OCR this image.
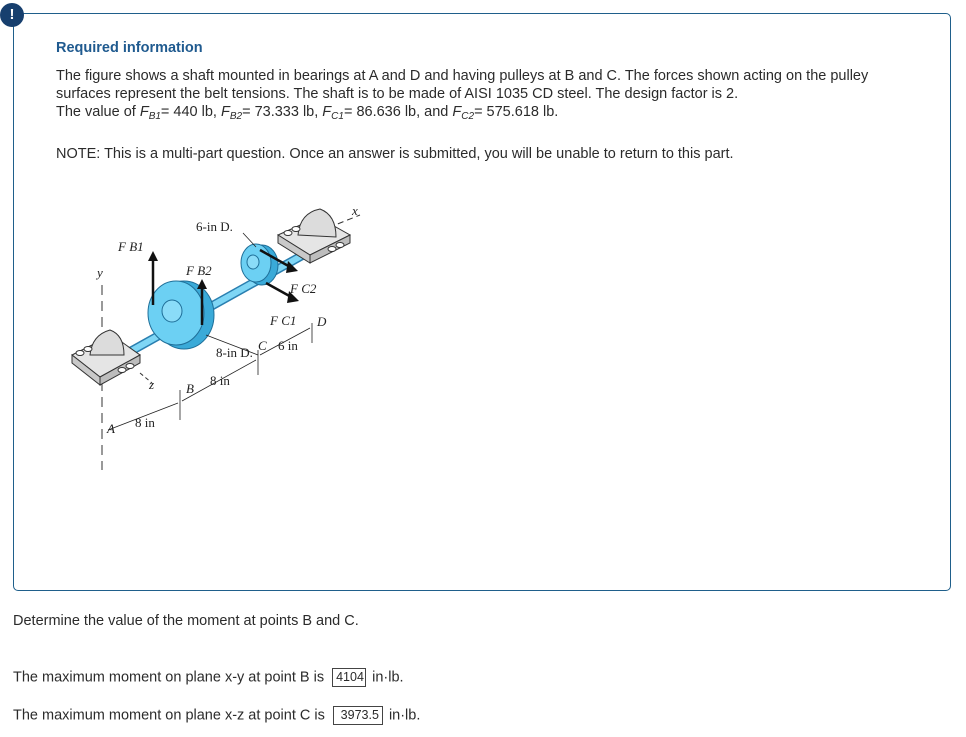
!
Required information
The figure shows a shaft mounted in bearings at A and D and having pulleys at B and C. The forces shown acting on the pulley surfaces represent the belt tensions. The shaft is to be made of AISI 1035 CD steel. The design factor is 2.
The value of $F_{B1}= 440$ lb, $F_{B2}= 73.333$ lb, $F_{C1}= 86.636$ lb, and $F_{C2}= 575.618$ lb.
NOTE: This is a multi-part question. Once an answer is submitted, you will be unable to return to this part.
F B1
F B2
F C2
F C1 D
C
B
A
x
y
z
6-in D.
8-in D.
8 in
8 in
6 in
Determine the value of the moment at points B and C.
The maximum moment on plane x-y at point B is 4104 in·lb.
The maximum moment on plane x-z at point C is 3973.5 in·lb.
